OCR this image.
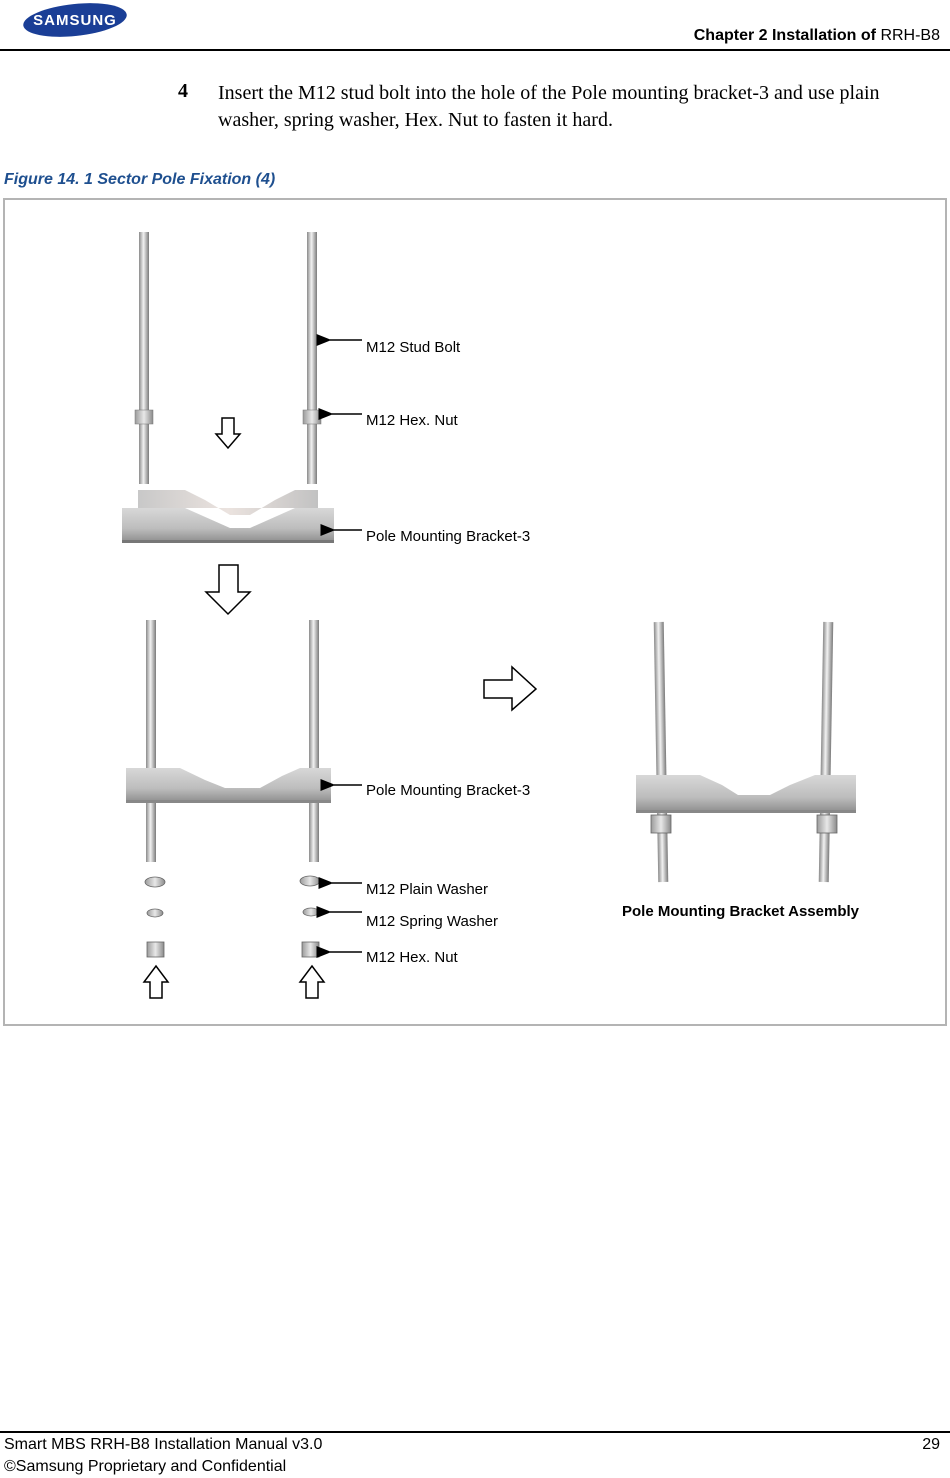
SAMSUNG
Chapter 2 Installation of RRH-B8
4 Insert the M12 stud bolt into the hole of the Pole mounting bracket-3 and use plain washer, spring washer, Hex. Nut to fasten it hard.
Figure 14. 1 Sector Pole Fixation (4)
M12 Stud Bolt
M12 Hex. Nut
Pole Mounting Bracket-3
Pole Mounting Bracket-3
M12 Plain Washer
M12 Spring Washer
M12 Hex. Nut
Pole Mounting Bracket Assembly
Smart MBS RRH-B8 Installation Manual v3.0
©Samsung Proprietary and Confidential
29
